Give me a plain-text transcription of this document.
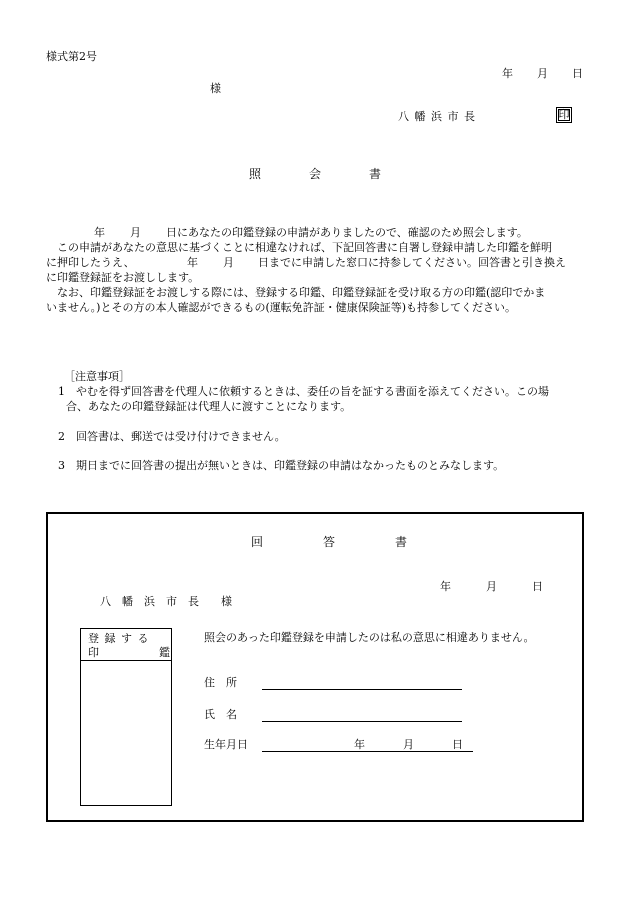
様式第2号
年 月 日
様
八 幡 浜 市 長	印
照　　　　会　　　　書
年 月 日にあなたの印鑑登録の申請がありましたので、確認のため照会します。
この申請があなたの意思に基づくことに相違なければ、下記回答書に自署し登録申請した印鑑を鮮明
に押印したうえ、	年 月 日までに申請した窓口に持参してください。回答書と引き換え
に印鑑登録証をお渡しします。
なお、印鑑登録証をお渡しする際には、登録する印鑑、印鑑登録証を受け取る方の印鑑(認印でかま
いません。)とその方の本人確認ができるもの(運転免許証・健康保険証等)も持参してください。
［注意事項］
1　やむを得ず回答書を代理人に依頼するときは、委任の旨を証する書面を添えてください。この場
合、あなたの印鑑登録証は代理人に渡すことになります。
2　回答書は、郵送では受け付けできません。
3　期日までに回答書の提出が無いときは、印鑑登録の申請はなかったものとみなします。
回　　　　　答　　　　　書
年	月	日
八　幡　浜　市　長　　様
登 録 す る
印	鑑
照会のあった印鑑登録を申請したのは私の意思に相違ありません。
住　所
氏　名
生年月日	年	月	日
